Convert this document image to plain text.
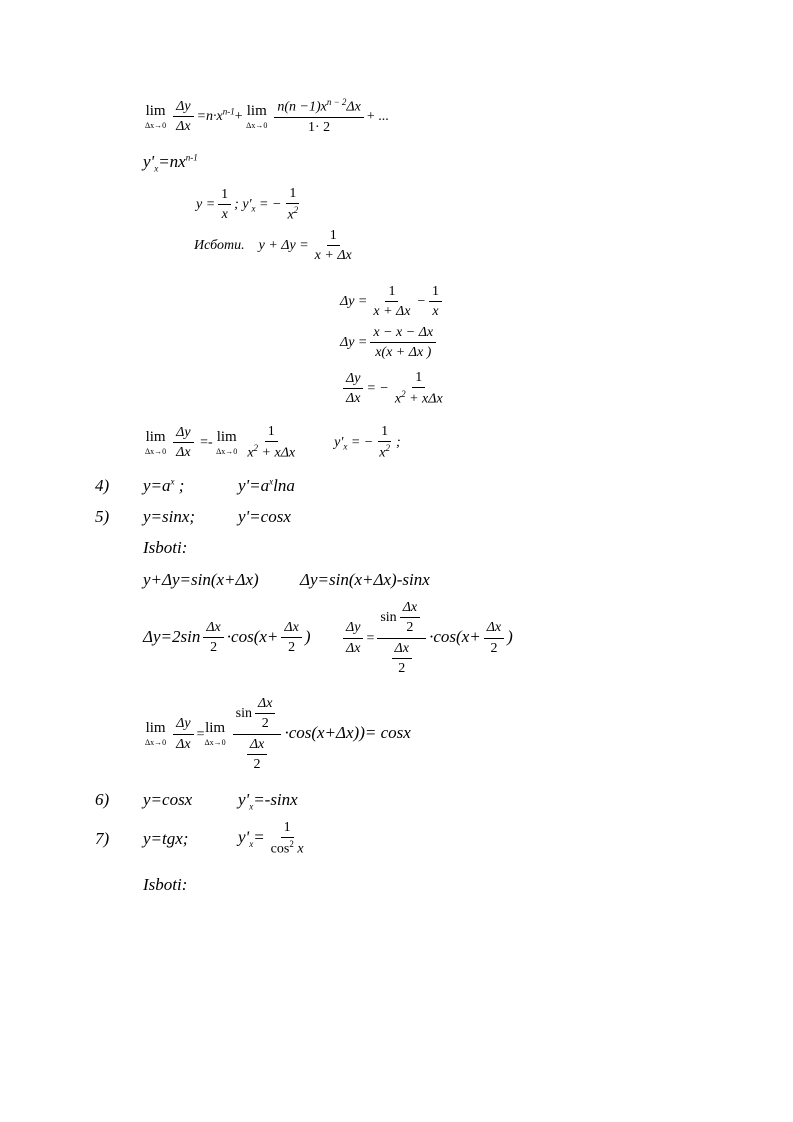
lim
$\Delta x\to 0 \frac{\Delta y}{\Delta x} =n\cdot x^{n-1}+ \lim$
$\Delta x\to 0 \frac{n(n -1)x^{n - 2}\Delta x}{1\cdot 2}$ + ...
$y'_x=nx^{n-1}$
$y = \frac{1}{x}$ ; $y'_x$ = − $\frac{1}{x^2}$
Исботи. $y + \Delta y = \frac{1}{x + \Delta x}$
$\Delta y = \frac{1}{x + \Delta x} - \frac{1}{x}$
$\Delta y = \frac{x - x - \Delta x}{x(x + \Delta x )}$
$\frac{\Delta y}{\Delta x}$ = − $\frac{1}{x^2 + x\Delta x}$
lim
$\Delta x\to 0 \frac{\Delta y}{\Delta x} =- \lim$
$\Delta x\to 0 \frac{1}{x^2 + x\Delta x}$	$y'_x$ = − $\frac{1}{x^2}$ ;
4) $y=a^x$ ;	$y'=a^x\ln a$
5) y=sinx;	y'=cosx
Isboti:
y+Δy=sin(x+Δx) Δy=sin(x+Δx)-sinx
$\Delta y=2\sin \frac{\Delta x}{2} \cdot\cos(x+ \frac{\Delta x}{2}$ ) $\frac{\Delta y}{\Delta x} = \frac{\sin \frac{\Delta x}{2}}{\frac{\Delta x}{2}} \cdot\cos(x+ \frac{\Delta x}{2}$ )
lim
$\Delta x\to 0 \frac{\Delta y}{\Delta x} = \lim$
$\Delta x\to 0 \frac{\sin \frac{\Delta x}{2}}{\frac{\Delta x}{2}} \cdot\cos(x+\Delta x))= \cos x$
6) y=cosx	$y'_x=$-sinx
7) y=tgx;	$y'_x= \frac{1}{\cos^2 x}$
Isboti:
